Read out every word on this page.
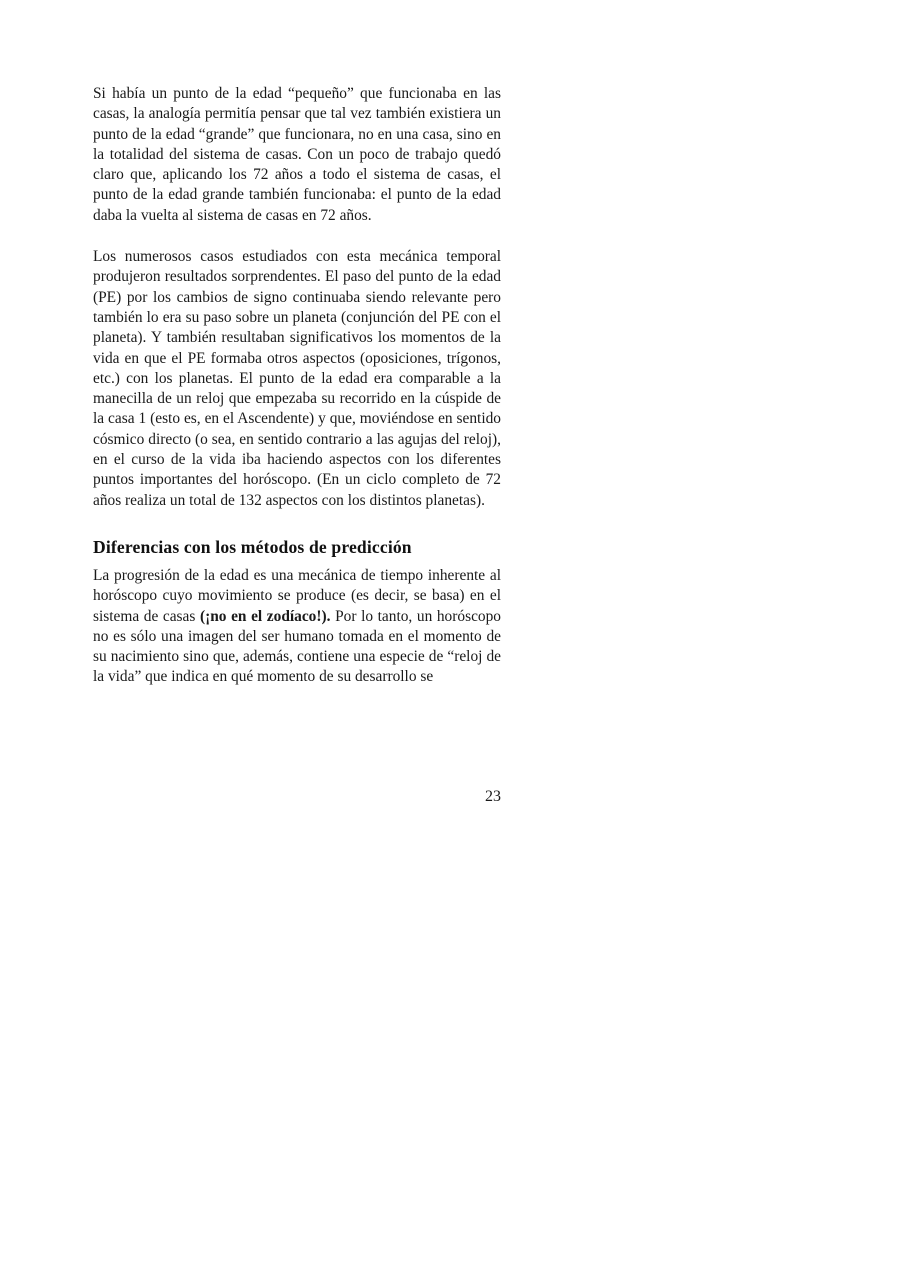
Si había un punto de la edad “pequeño” que funcionaba en las casas, la analogía permitía pensar que tal vez también existiera un punto de la edad “grande” que funcionara, no en una casa, sino en la totalidad del sistema de casas. Con un poco de trabajo quedó claro que, aplicando los 72 años a todo el sistema de casas, el punto de la edad grande también funcionaba: el punto de la edad daba la vuelta al sistema de casas en 72 años.

Los numerosos casos estudiados con esta mecánica temporal produjeron resultados sorprendentes. El paso del punto de la edad (PE) por los cambios de signo continuaba siendo relevante pero también lo era su paso sobre un planeta (conjunción del PE con el planeta). Y también resultaban significativos los momentos de la vida en que el PE formaba otros aspectos (oposiciones, trígonos, etc.) con los planetas. El punto de la edad era comparable a la manecilla de un reloj que empezaba su recorrido en la cúspide de la casa 1 (esto es, en el Ascendente) y que, moviéndose en sentido cósmico directo (o sea, en sentido contrario a las agujas del reloj), en el curso de la vida iba haciendo aspectos con los diferentes puntos importantes del horóscopo. (En un ciclo completo de 72 años realiza un total de 132 aspectos con los distintos planetas).

Diferencias con los métodos de predicción

La progresión de la edad es una mecánica de tiempo inherente al horóscopo cuyo movimiento se produce (es decir, se basa) en el sistema de casas (¡no en el zodíaco!). Por lo tanto, un horóscopo no es sólo una imagen del ser humano tomada en el momento de su nacimiento sino que, además, contiene una especie de “reloj de la vida” que indica en qué momento de su desarrollo se

23
